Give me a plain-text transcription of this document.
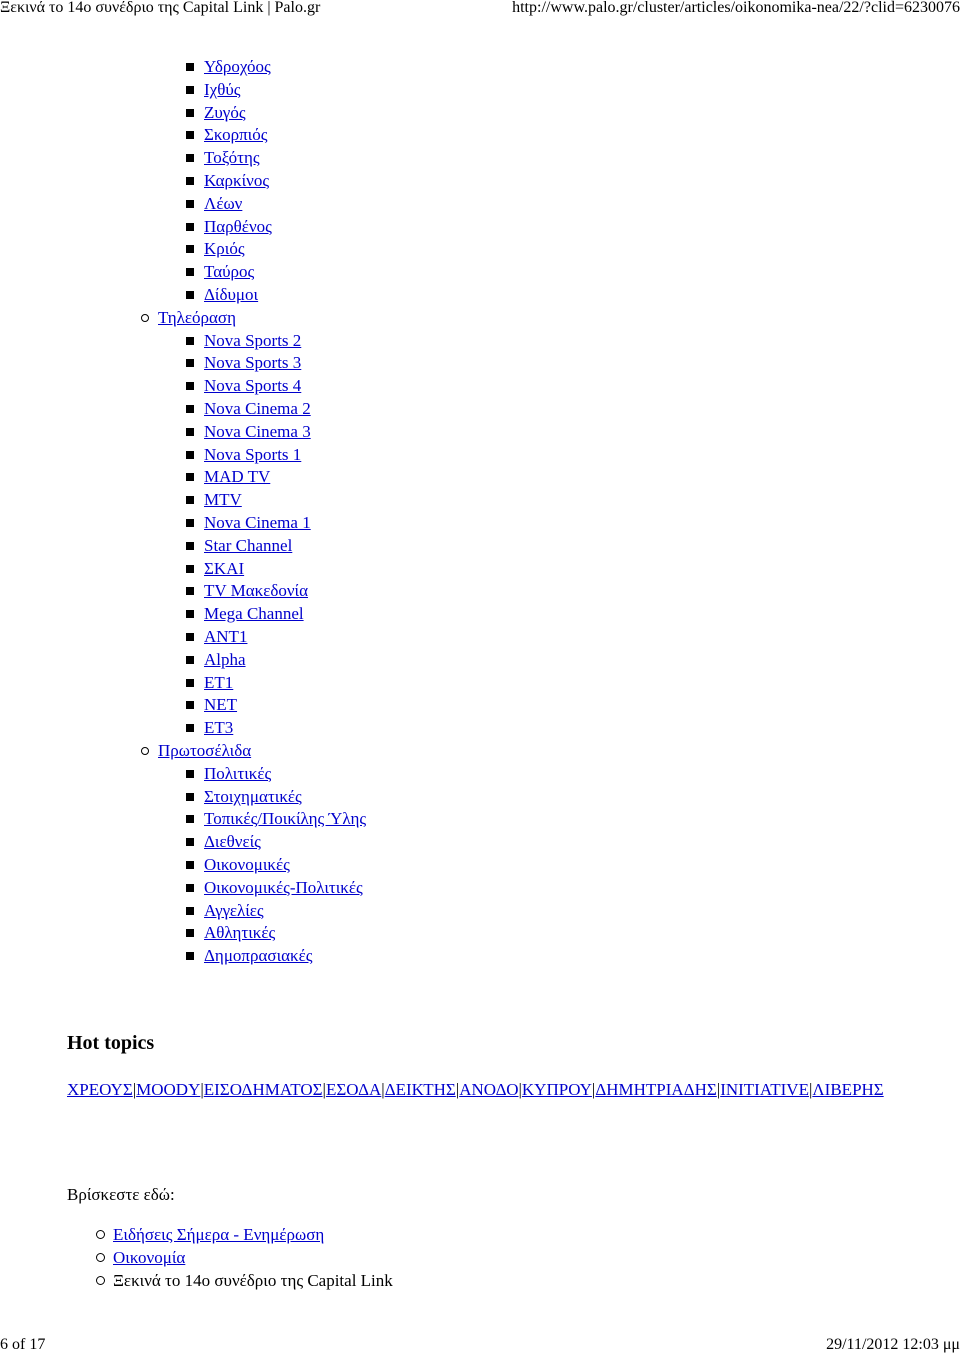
Ξεκινά το 14ο συνέδριο της Capital Link | Palo.gr	http://www.palo.gr/cluster/articles/oikonomika-nea/22/?clid=6230076
Υδροχόος
Ιχθύς
Ζυγός
Σκορπιός
Τοξότης
Καρκίνος
Λέων
Παρθένος
Κριός
Ταύρος
Δίδυμοι
Τηλεόραση
Nova Sports 2
Nova Sports 3
Nova Sports 4
Nova Cinema 2
Nova Cinema 3
Nova Sports 1
MAD TV
MTV
Nova Cinema 1
Star Channel
ΣΚΑΙ
TV Μακεδονία
Mega Channel
ANT1
Alpha
ET1
NET
ET3
Πρωτοσέλιδα
Πολιτικές
Στοιχηματικές
Τοπικές/Ποικίλης Ύλης
Διεθνείς
Οικονομικές
Οικονομικές-Πολιτικές
Αγγελίες
Αθλητικές
Δημοπρασιακές
Hot topics
ΧΡΕΟΥΣ|MOODY|ΕΙΣΟΔΗΜΑΤΟΣ|ΕΣΟΔΑ|ΔΕΙΚΤΗΣ|ΑΝΟΔΟ|ΚΥΠΡΟΥ|ΔΗΜΗΤΡΙΑΔΗΣ|INITIATIVE|ΛΙΒΕΡΗΣ
Βρίσκεστε εδώ:
Ειδήσεις Σήμερα - Ενημέρωση
Οικονομία
Ξεκινά το 14ο συνέδριο της Capital Link
6 of 17	29/11/2012 12:03 μμ
